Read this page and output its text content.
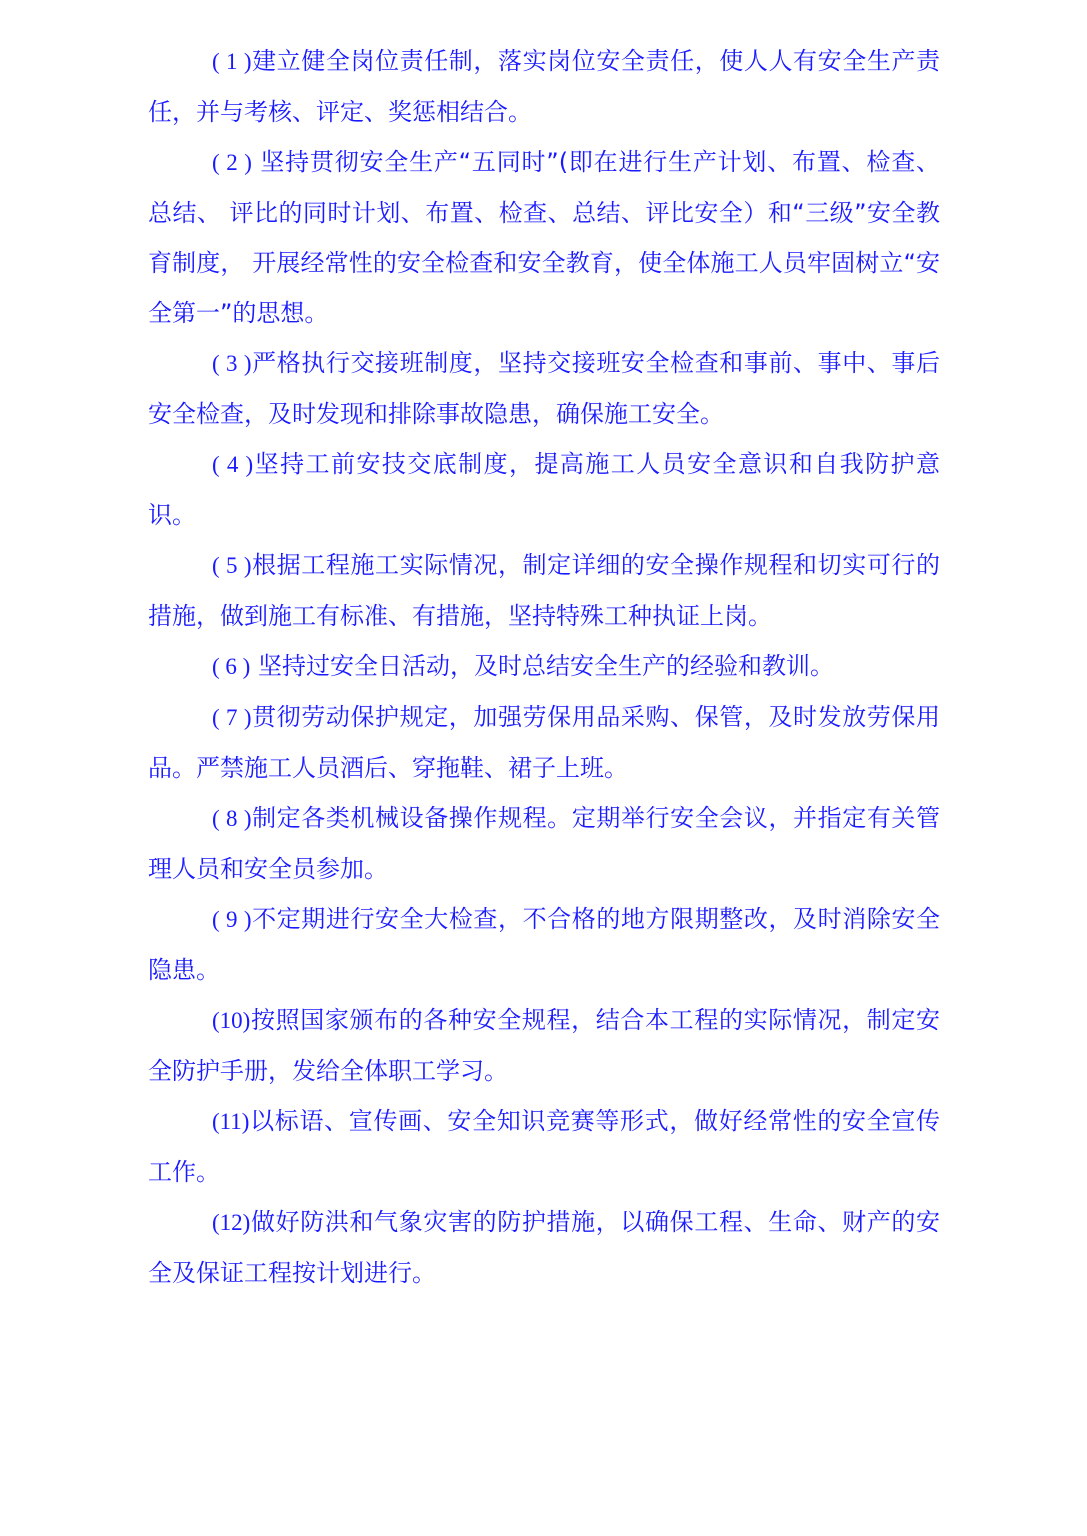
( 1 )建立健全岗位责任制，落实岗位安全责任，使人人有安全生产责任，并与考核、评定、奖惩相结合。

( 2 ) 坚持贯彻安全生产“五同时”(即在进行生产计划、布置、检查、总结、 评比的同时计划、布置、检查、总结、评比安全）和“三级”安全教育制度， 开展经常性的安全检查和安全教育，使全体施工人员牢固树立“安全第一”的思想。

( 3 )严格执行交接班制度，坚持交接班安全检查和事前、事中、事后安全检查，及时发现和排除事故隐患，确保施工安全。

( 4 )坚持工前安技交底制度，提高施工人员安全意识和自我防护意识。

( 5 )根据工程施工实际情况，制定详细的安全操作规程和切实可行的措施，做到施工有标准、有措施，坚持特殊工种执证上岗。

( 6 ) 坚持过安全日活动，及时总结安全生产的经验和教训。

( 7 )贯彻劳动保护规定，加强劳保用品采购、保管，及时发放劳保用品。严禁施工人员酒后、穿拖鞋、裙子上班。

( 8 )制定各类机械设备操作规程。定期举行安全会议，并指定有关管理人员和安全员参加。

( 9 )不定期进行安全大检查，不合格的地方限期整改，及时消除安全隐患。

(10)按照国家颁布的各种安全规程，结合本工程的实际情况，制定安全防护手册，发给全体职工学习。

(11)以标语、宣传画、安全知识竞赛等形式，做好经常性的安全宣传工作。

(12)做好防洪和气象灾害的防护措施，以确保工程、生命、财产的安全及保证工程按计划进行。
